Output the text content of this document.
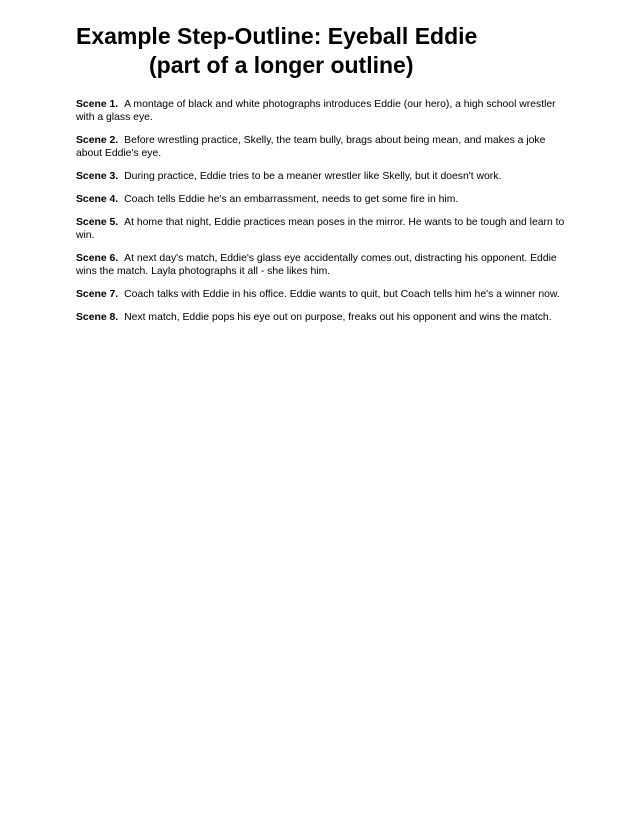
Example Step-Outline: Eyeball Eddie
(part of a longer outline)
Scene 1. A montage of black and white photographs introduces Eddie (our hero), a high school wrestler with a glass eye.
Scene 2. Before wrestling practice, Skelly, the team bully, brags about being mean, and makes a joke about Eddie's eye.
Scene 3. During practice, Eddie tries to be a meaner wrestler like Skelly, but it doesn't work.
Scene 4. Coach tells Eddie he's an embarrassment, needs to get some fire in him.
Scene 5. At home that night, Eddie practices mean poses in the mirror. He wants to be tough and learn to win.
Scene 6. At next day's match, Eddie's glass eye accidentally comes out, distracting his opponent. Eddie wins the match. Layla photographs it all - she likes him.
Scene 7. Coach talks with Eddie in his office. Eddie wants to quit, but Coach tells him he's a winner now.
Scene 8. Next match, Eddie pops his eye out on purpose, freaks out his opponent and wins the match.
